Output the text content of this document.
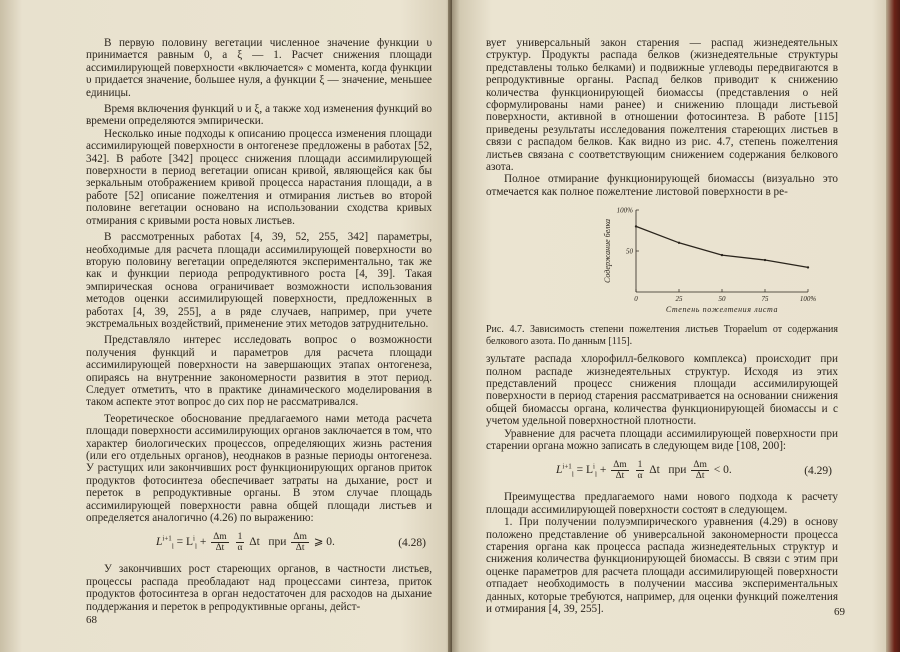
В первую половину вегетации численное значение функции υ принимается равным 0, а ξ — 1. Расчет снижения площади ассимилирующей поверхности «включается» с момента, когда функции υ придается значение, большее нуля, а функции ξ — значение, меньшее единицы.

Время включения функций υ и ξ, а также ход изменения функций во времени определяются эмпирически.

Несколько иные подходы к описанию процесса изменения площади ассимилирующей поверхности в онтогенезе предложены в работах [52, 342]. В работе [342] процесс снижения площади ассимилирующей поверхности в период вегетации описан кривой, являющейся как бы зеркальным отображением кривой процесса нарастания площади, а в работе [52] описание пожелтения и отмирания листьев во второй половине вегетации основано на использовании сходства кривых отмирания с кривыми роста новых листьев.

В рассмотренных работах [4, 39, 52, 255, 342] параметры, необходимые для расчета площади ассимилирующей поверхности во вторую половину вегетации определяются экспериментально, так же как и функции периода репродуктивного роста [4, 39]. Такая эмпирическая основа ограничивает возможности использования методов оценки ассимилирующей поверхности, предложенных в работах [4, 39, 255], а в ряде случаев, например, при учете экстремальных воздействий, применение этих методов затруднительно.

Представляло интерес исследовать вопрос о возможности получения функций и параметров для расчета площади ассимилирующей поверхности на завершающих этапах онтогенеза, опираясь на внутренние закономерности развития в этот период. Следует отметить, что в практике динамического моделирования в таком аспекте этот вопрос до сих пор не рассматривался.

Теоретическое обоснование предлагаемого нами метода расчета площади поверхности ассимилирующих органов заключается в том, что характер биологических процессов, определяющих жизнь растения (или его отдельных органов), неоднаков в разные периоды онтогенеза. У растущих или закончивших рост функционирующих органов приток продуктов фотосинтеза обеспечивает затраты на дыхание, рост и переток в репродуктивные органы. В этом случае площадь ассимилирующей поверхности равна общей площади листьев и определяется аналогично (4.26) по выражению:

$L^{i+1}_l = L^i_l + \frac{\Delta m}{\Delta t}$
$\frac{1}{\alpha}$ Δt при $\frac{\Delta m}{\Delta t}$ ⩾ 0.	(4.28)

У закончивших рост стареющих органов, в частности листьев, процессы распада преобладают над процессами синтеза, приток продуктов фотосинтеза в орган недостаточен для расходов на дыхание поддержания и переток в репродуктивные органы, дейст-

68

вует универсальный закон старения — распад жизнедеятельных структур. Продукты распада белков (жизнедеятельные структуры представлены только белками) и подвижные углеводы передвигаются в репродуктивные органы. Распад белков приводит к снижению количества функционирующей биомассы (представления о ней сформулированы нами ранее) и снижению площади листьевой поверхности, активной в отношении фотосинтеза. В работе [115] приведены результаты исследования пожелтения стареющих листьев в связи с распадом белков. Как видно из рис. 4.7, степень пожелтения листьев связана с соответствующим снижением содержания белкового азота.

Полное отмирание функционирующей биомассы (визуально это отмечается как полное пожелтение листовой поверхности в ре-

0	25	50	75	100%
50
100%
Степень пожелтения листа
Содержание белка
Рис. 4.7. Зависимость степени пожелтения листьев Tropaelum от содержания белкового азота. По данным [115].

зультате распада хлорофилл-белкового комплекса) происходит при полном распаде жизнедеятельных структур. Исходя из этих представлений процесс снижения площади ассимилирующей поверхности в период старения рассматривается на основании снижения общей биомассы органа, количества функционирующей биомассы и с учетом удельной поверхностной плотности.

Уравнение для расчета площади ассимилирующей поверхности при старении органа можно записать в следующем виде [108, 200]:

$L^{i+1}_l = L^i_l + \frac{\Delta m}{\Delta t}$
$\frac{1}{\alpha}$ Δt при $\frac{\Delta m}{\Delta t} < 0$.	(4.29)

Преимущества предлагаемого нами нового подхода к расчету площади ассимилирующей поверхности состоят в следующем.

1. При получении полуэмпирического уравнения (4.29) в основу положено представление об универсальной закономерности процесса старения органа как процесса распада жизнедеятельных структур и снижения количества функционирующей биомассы. В связи с этим при оценке параметров для расчета площади ассимилирующей поверхности отпадает необходимость в получении массива экспериментальных данных, которые требуются, например, для оценки функций пожелтения и отмирания [4, 39, 255].	69
